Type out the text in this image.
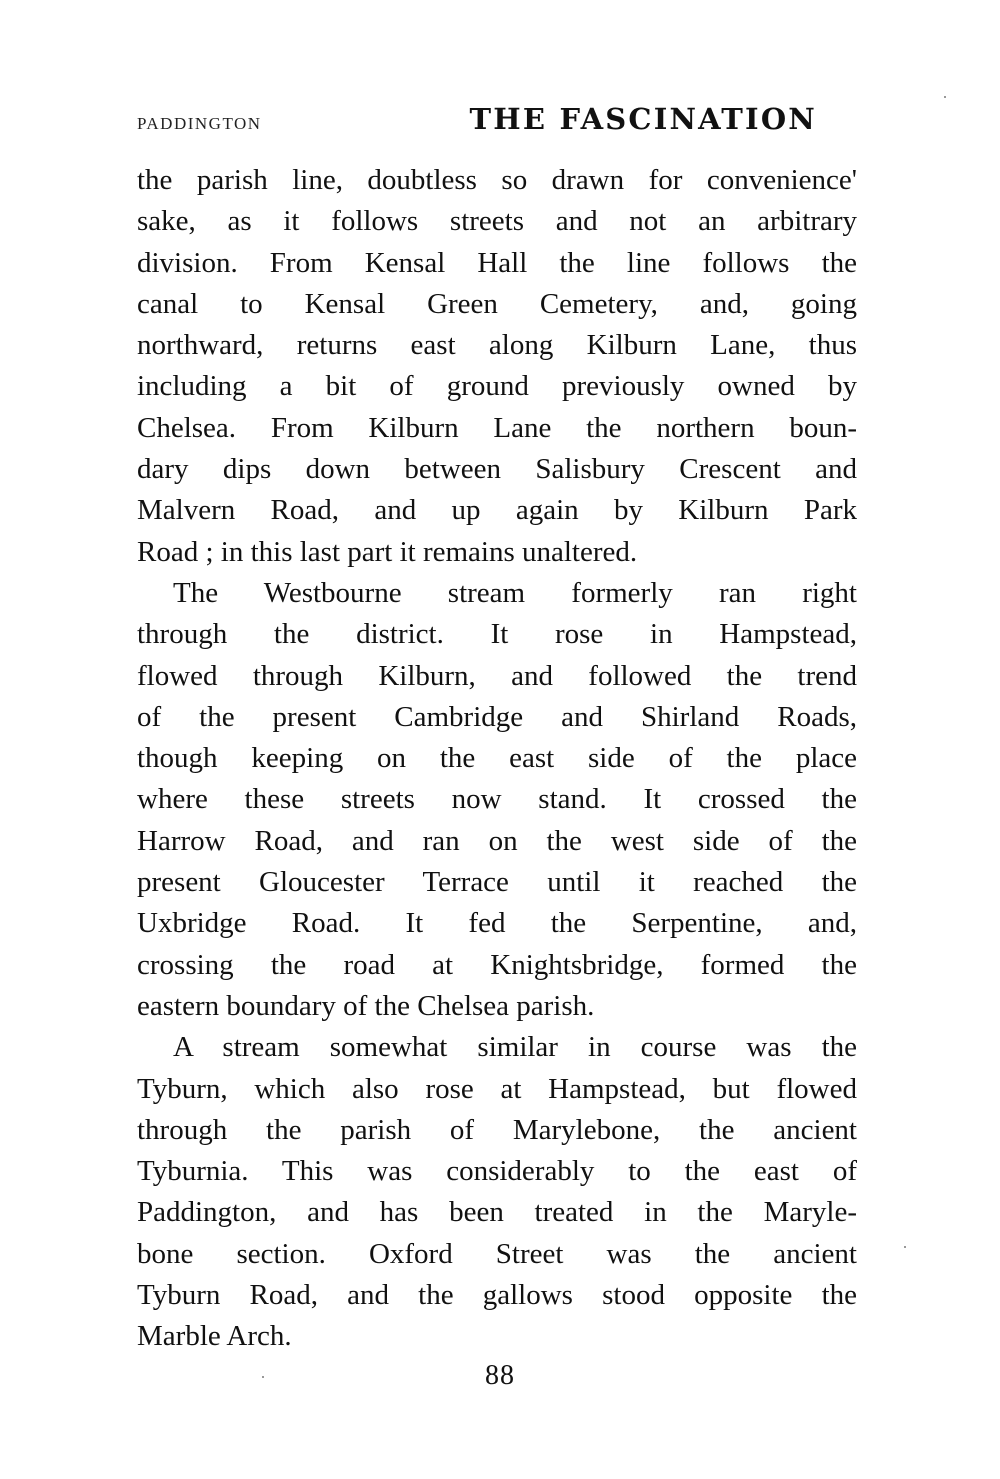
PADDINGTON	THE FASCINATION
the parish line, doubtless so drawn for convenience'
sake, as it follows streets and not an arbitrary
division. From Kensal Hall the line follows the
canal to Kensal Green Cemetery, and, going
northward, returns east along Kilburn Lane, thus
including a bit of ground previously owned by
Chelsea. From Kilburn Lane the northern boun-
dary dips down between Salisbury Crescent and
Malvern Road, and up again by Kilburn Park
Road ; in this last part it remains unaltered.
The Westbourne stream formerly ran right
through the district. It rose in Hampstead,
flowed through Kilburn, and followed the trend
of the present Cambridge and Shirland Roads,
though keeping on the east side of the place
where these streets now stand. It crossed the
Harrow Road, and ran on the west side of the
present Gloucester Terrace until it reached the
Uxbridge Road. It fed the Serpentine, and,
crossing the road at Knightsbridge, formed the
eastern boundary of the Chelsea parish.
A stream somewhat similar in course was the
Tyburn, which also rose at Hampstead, but flowed
through the parish of Marylebone, the ancient
Tyburnia. This was considerably to the east of
Paddington, and has been treated in the Maryle-
bone section. Oxford Street was the ancient
Tyburn Road, and the gallows stood opposite the
Marble Arch.
88
